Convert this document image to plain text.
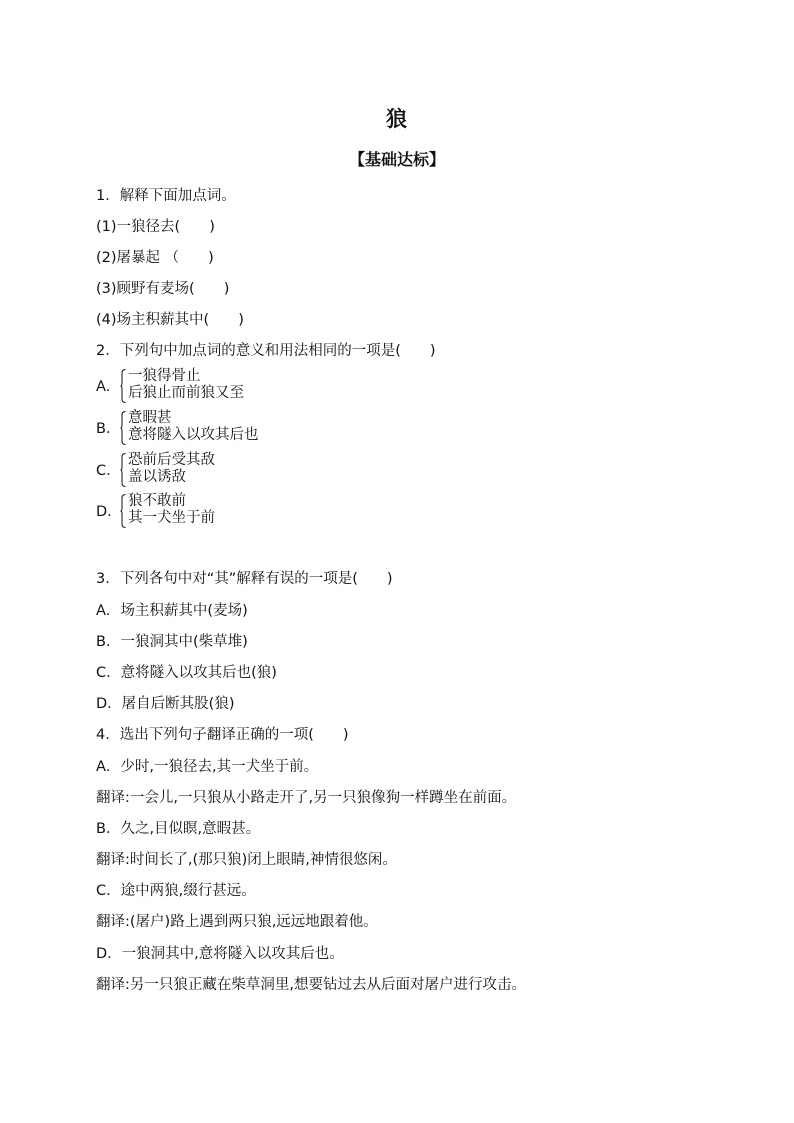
狼
【基础达标】
1．解释下面加点词。
(1)一狼径去(　　)
(2)屠暴起 （　　)
(3)顾野有麦场(　　)
(4)场主积薪其中(　　)
2．下列句中加点词的意义和用法相同的一项是(　　)
A．
一狼得骨止
后狼止而前狼又至
B．
意暇甚
意将隧入以攻其后也
C．
恐前后受其敌
盖以诱敌
D．
狼不敢前
其一犬坐于前
3．下列各句中对“其”解释有误的一项是(　　)
A．场主积薪其中(麦场)
B．一狼洞其中(柴草堆)
C．意将隧入以攻其后也(狼)
D．屠自后断其股(狼)
4．选出下列句子翻译正确的一项(　　)
A．少时,一狼径去,其一犬坐于前。
翻译:一会儿,一只狼从小路走开了,另一只狼像狗一样蹲坐在前面。
B．久之,目似瞑,意暇甚。
翻译:时间长了,(那只狼)闭上眼睛,神情很悠闲。
C．途中两狼,缀行甚远。
翻译:(屠户)路上遇到两只狼,远远地跟着他。
D．一狼洞其中,意将隧入以攻其后也。
翻译:另一只狼正藏在柴草洞里,想要钻过去从后面对屠户进行攻击。
